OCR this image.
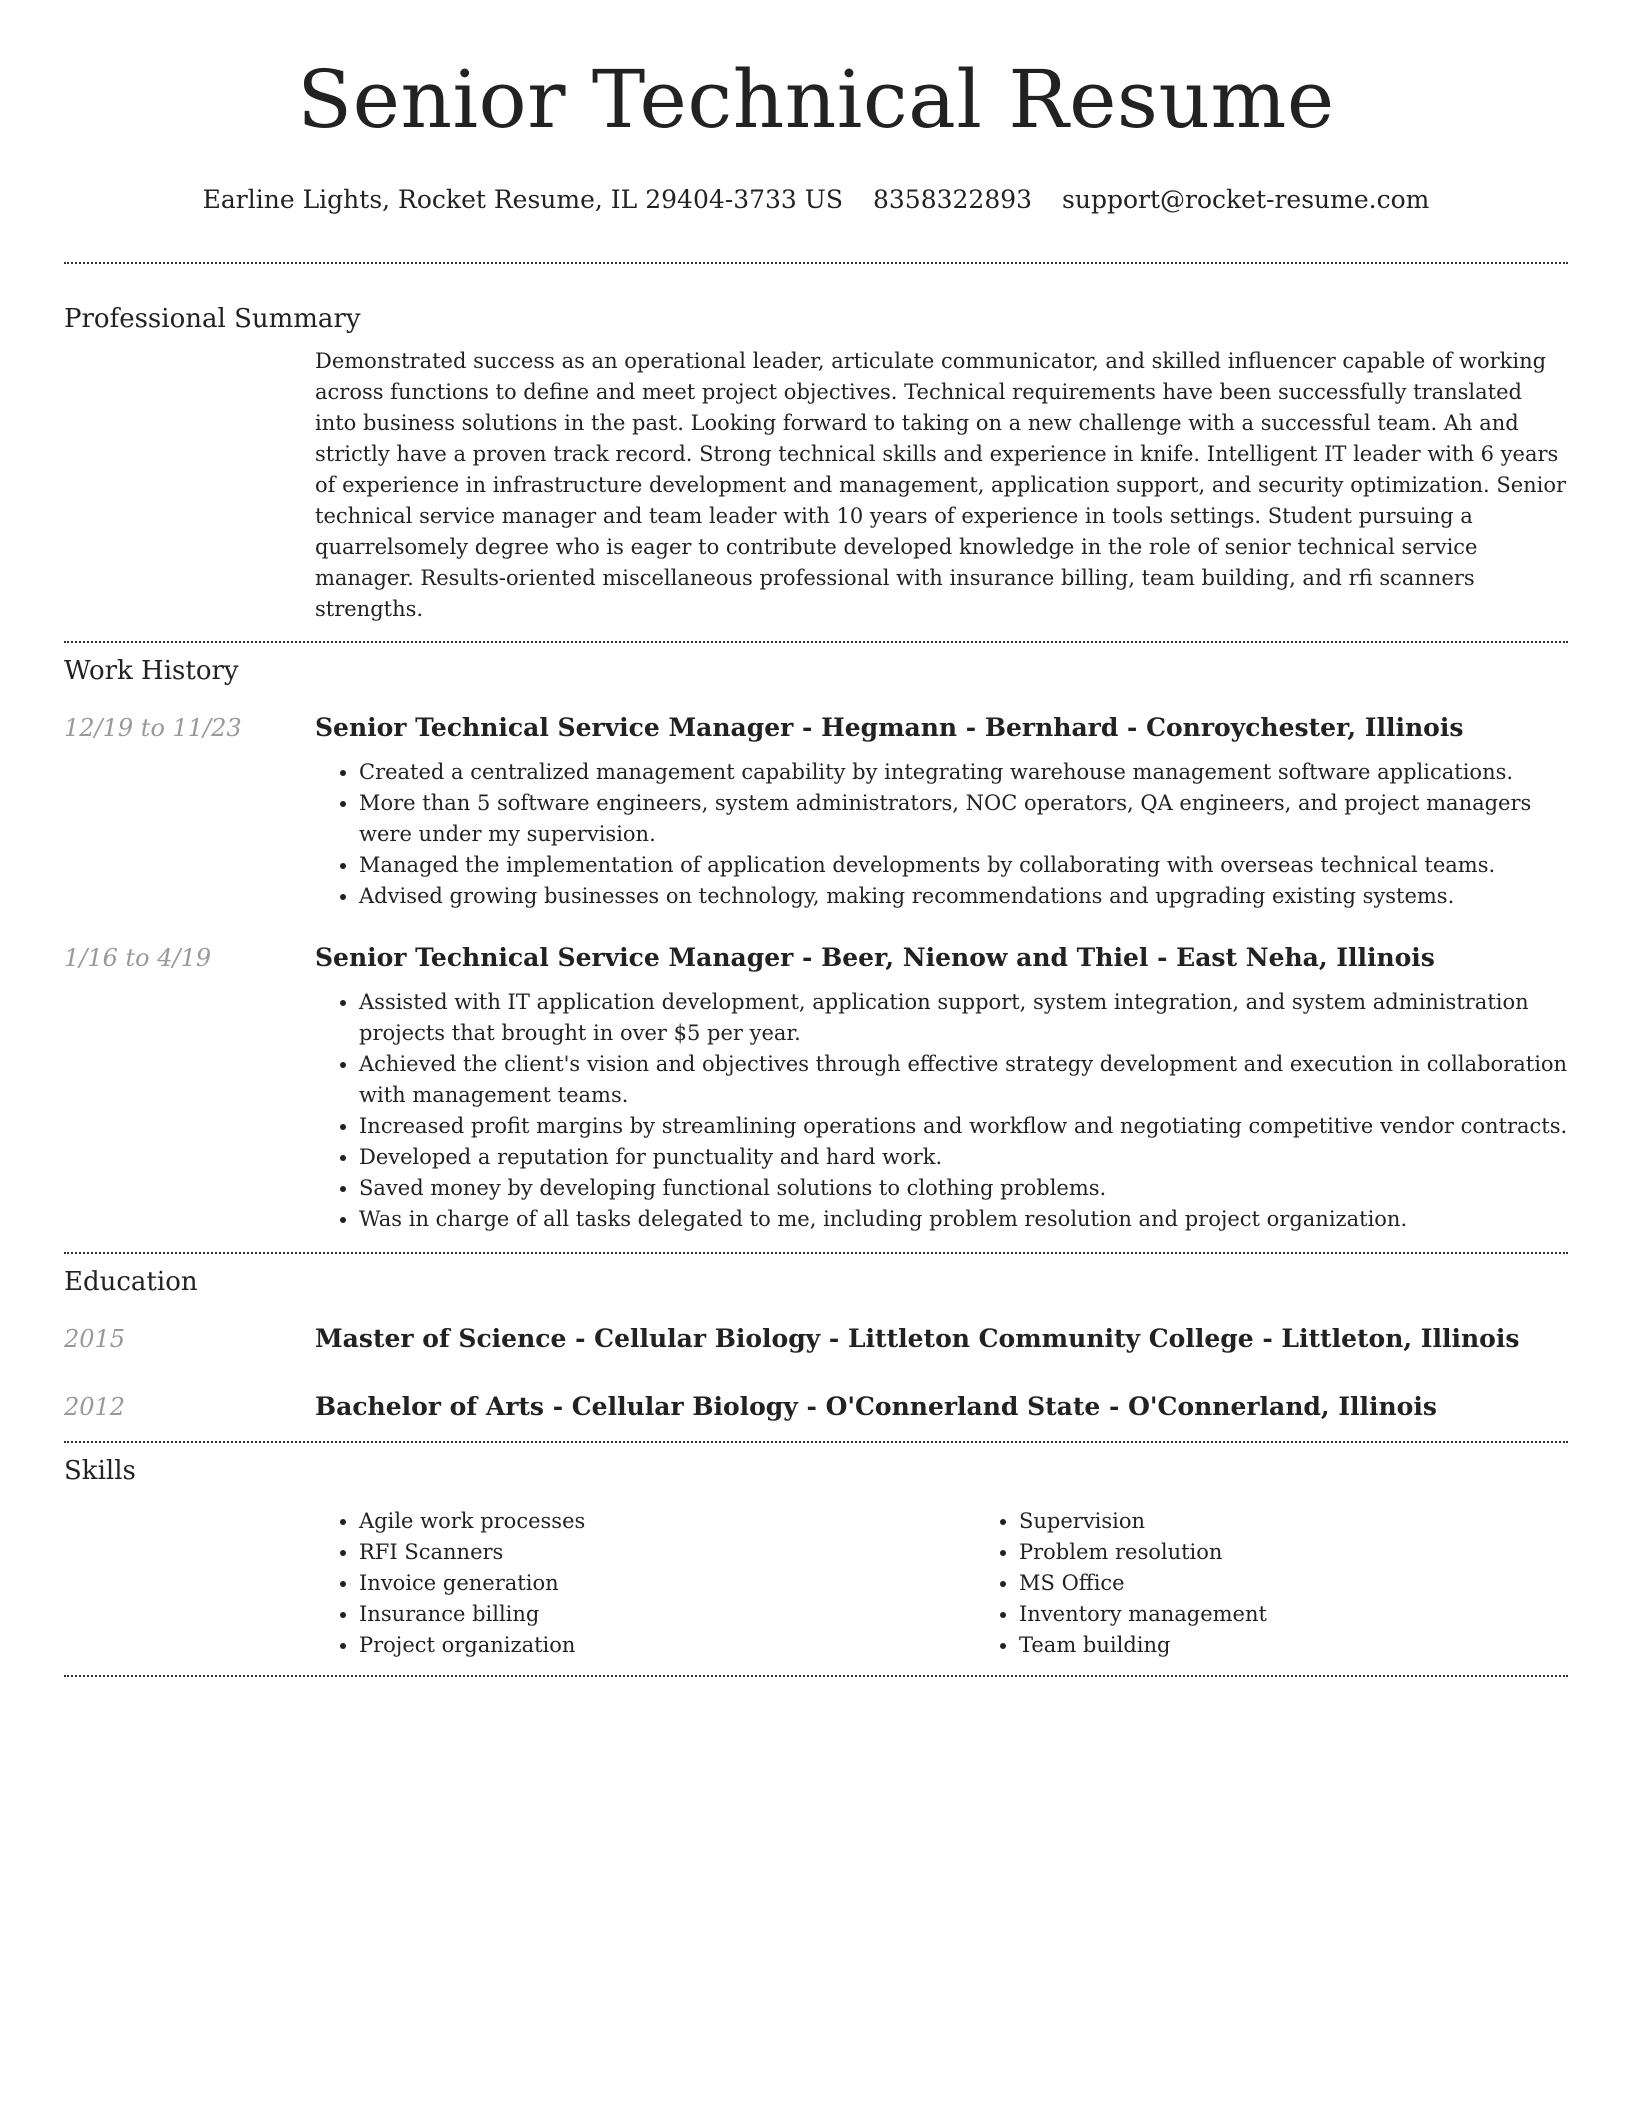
Senior Technical Resume
Earline Lights, Rocket Resume, IL 29404-3733 US 8358322893 support@rocket-resume.com
Professional Summary

Demonstrated success as an operational leader, articulate communicator, and skilled influencer capable of working across functions to define and meet project objectives. Technical requirements have been successfully translated into business solutions in the past. Looking forward to taking on a new challenge with a successful team. Ah and strictly have a proven track record. Strong technical skills and experience in knife. Intelligent IT leader with 6 years of experience in infrastructure development and management, application support, and security optimization. Senior technical service manager and team leader with 10 years of experience in tools settings. Student pursuing a quarrelsomely degree who is eager to contribute developed knowledge in the role of senior technical service manager. Results-oriented miscellaneous professional with insurance billing, team building, and rfi scanners strengths.

Work History
12/19 to 11/23	Senior Technical Service Manager - Hegmann - Bernhard - Conroychester, Illinois
• Created a centralized management capability by integrating warehouse management software applications.
• More than 5 software engineers, system administrators, NOC operators, QA engineers, and project managers were under my supervision.
• Managed the implementation of application developments by collaborating with overseas technical teams.
• Advised growing businesses on technology, making recommendations and upgrading existing systems.
1/16 to 4/19	Senior Technical Service Manager - Beer, Nienow and Thiel - East Neha, Illinois
• Assisted with IT application development, application support, system integration, and system administration projects that brought in over $5 per year.
• Achieved the client's vision and objectives through effective strategy development and execution in collaboration with management teams.
• Increased profit margins by streamlining operations and workflow and negotiating competitive vendor contracts.
• Developed a reputation for punctuality and hard work.
• Saved money by developing functional solutions to clothing problems.
• Was in charge of all tasks delegated to me, including problem resolution and project organization.
Education
2015	Master of Science - Cellular Biology - Littleton Community College - Littleton, Illinois
2012	Bachelor of Arts - Cellular Biology - O'Connerland State - O'Connerland, Illinois
Skills
• Agile work processes
• RFI Scanners
• Invoice generation
• Insurance billing
• Project organization
• Supervision
• Problem resolution
• MS Office
• Inventory management
• Team building
